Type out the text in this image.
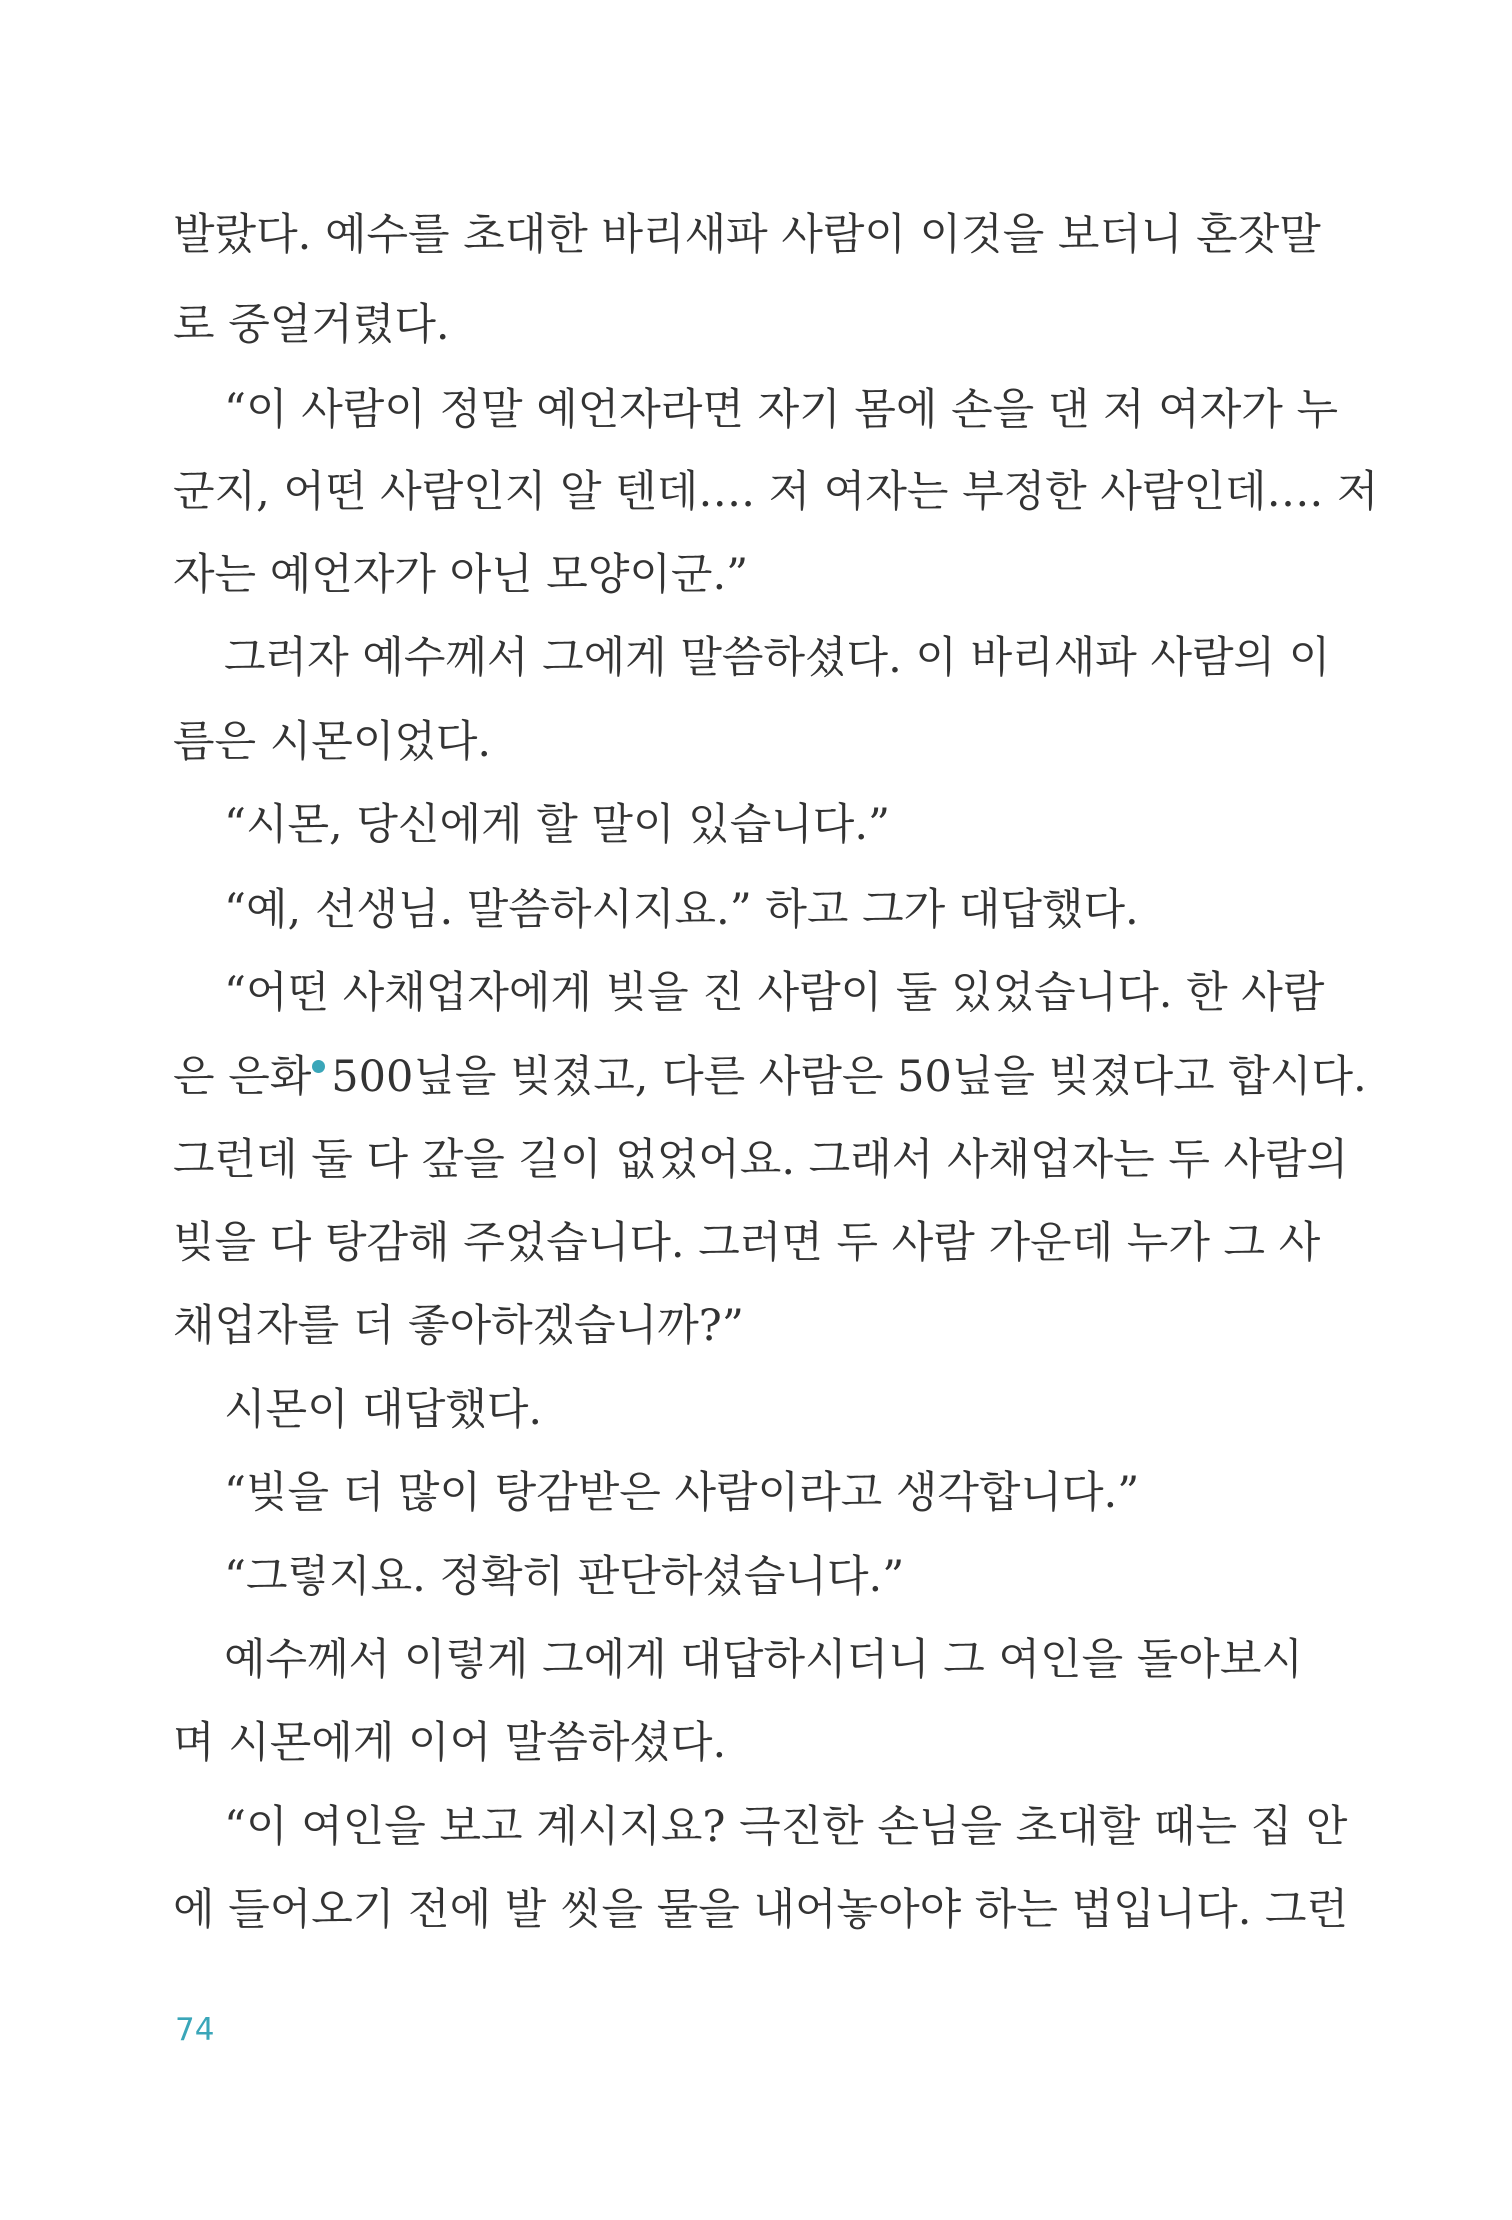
발랐다. 예수를 초대한 바리새파 사람이 이것을 보더니 혼잣말
로 중얼거렸다.
“이 사람이 정말 예언자라면 자기 몸에 손을 댄 저 여자가 누
군지, 어떤 사람인지 알 텐데…. 저 여자는 부정한 사람인데…. 저
자는 예언자가 아닌 모양이군.”
그러자 예수께서 그에게 말씀하셨다. 이 바리새파 사람의 이
름은 시몬이었다.
“시몬, 당신에게 할 말이 있습니다.”
“예, 선생님. 말씀하시지요.” 하고 그가 대답했다.
“어떤 사채업자에게 빚을 진 사람이 둘 있었습니다. 한 사람
은 은화 500닢을 빚졌고, 다른 사람은 50닢을 빚졌다고 합시다.
그런데 둘 다 갚을 길이 없었어요. 그래서 사채업자는 두 사람의
빚을 다 탕감해 주었습니다. 그러면 두 사람 가운데 누가 그 사
채업자를 더 좋아하겠습니까?”
시몬이 대답했다.
“빚을 더 많이 탕감받은 사람이라고 생각합니다.”
“그렇지요. 정확히 판단하셨습니다.”
예수께서 이렇게 그에게 대답하시더니 그 여인을 돌아보시
며 시몬에게 이어 말씀하셨다.
“이 여인을 보고 계시지요? 극진한 손님을 초대할 때는 집 안
에 들어오기 전에 발 씻을 물을 내어놓아야 하는 법입니다. 그런
74
